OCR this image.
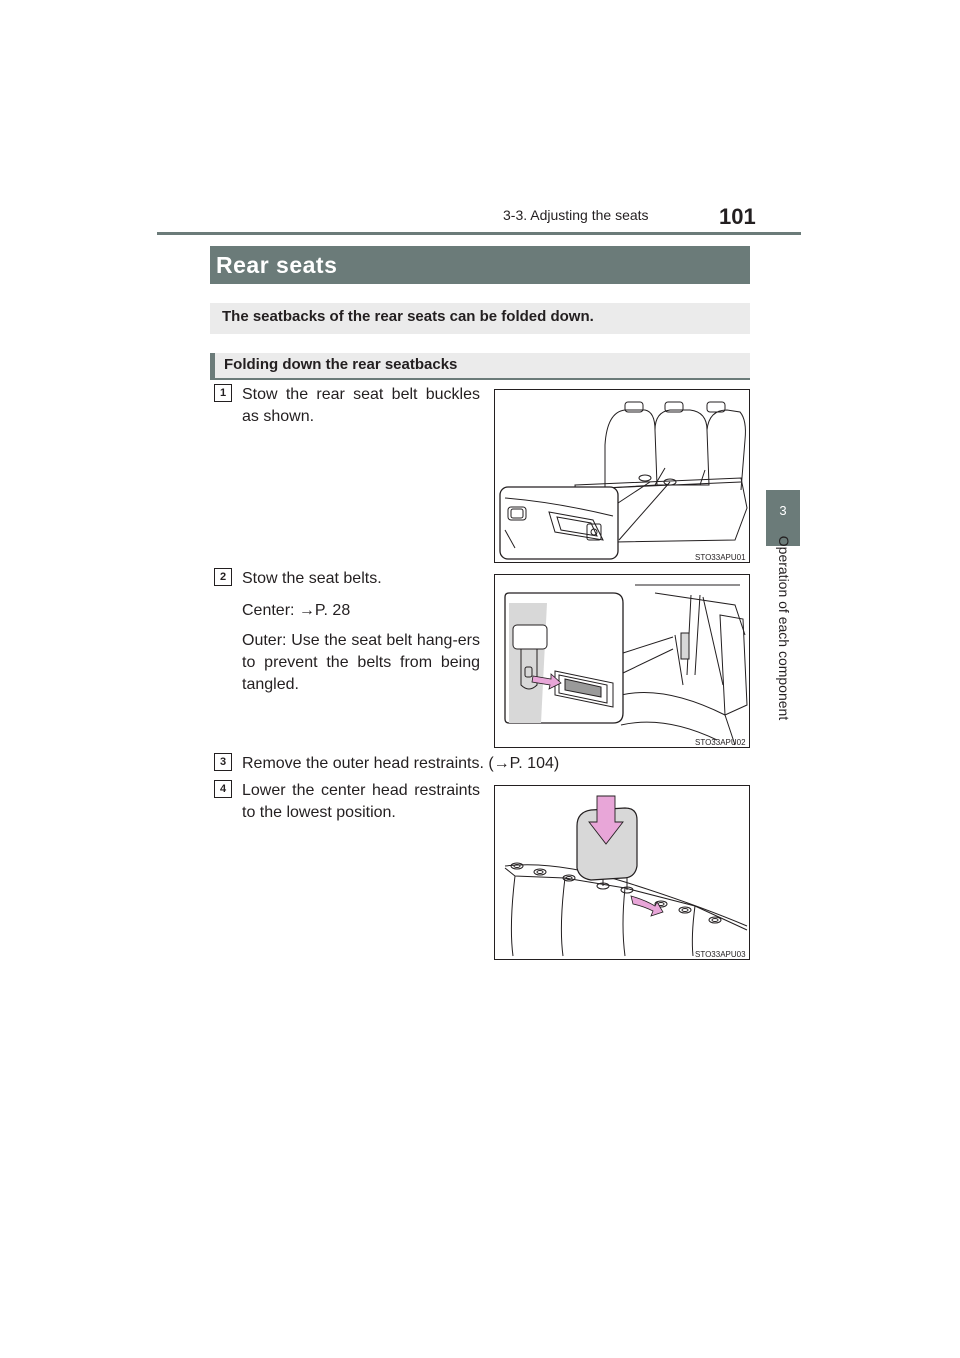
3-3. Adjusting the seats	101
3
Operation of each component
Rear seats
The seatbacks of the rear seats can be folded down.
Folding down the rear seatbacks
1 Stow the rear seat belt buckles as shown.
STO33APU01
2 Stow the seat belts.
Center: →P. 28
Outer: Use the seat belt hang-ers to prevent the belts from being tangled.
STO33APU02
3 Remove the outer head restraints. (→P. 104)
4 Lower the center head restraints to the lowest position.
STO33APU03
